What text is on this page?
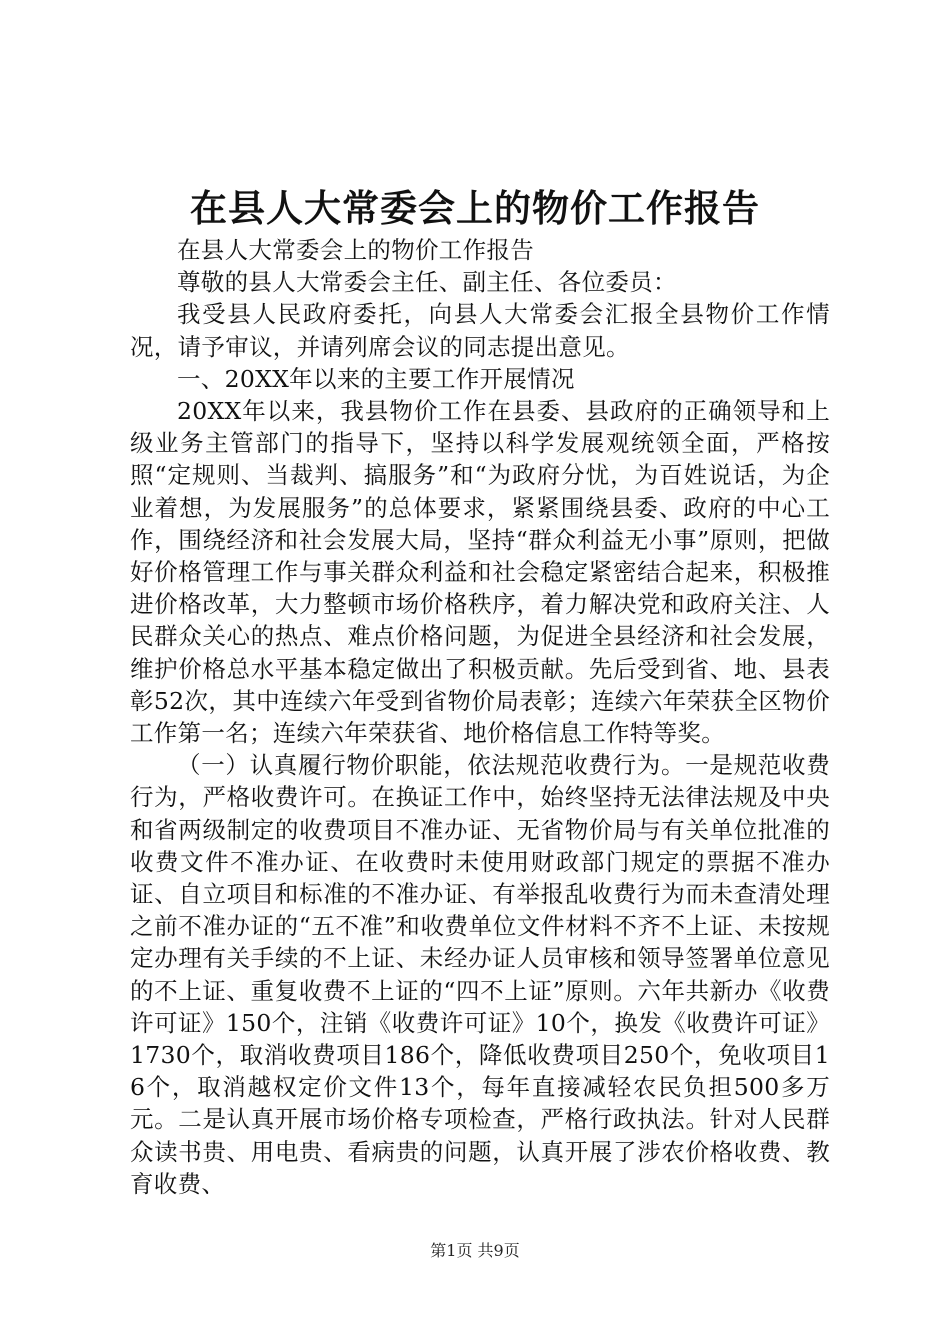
在县人大常委会上的物价工作报告

在县人大常委会上的物价工作报告

尊敬的县人大常委会主任、副主任、各位委员：

我受县人民政府委托，向县人大常委会汇报全县物价工作情况，请予审议，并请列席会议的同志提出意见。

一、20XX年以来的主要工作开展情况

20XX年以来，我县物价工作在县委、县政府的正确领导和上级业务主管部门的指导下，坚持以科学发展观统领全面，严格按照“定规则、当裁判、搞服务”和“为政府分忧，为百姓说话，为企业着想，为发展服务”的总体要求，紧紧围绕县委、政府的中心工作，围绕经济和社会发展大局，坚持“群众利益无小事”原则，把做好价格管理工作与事关群众利益和社会稳定紧密结合起来，积极推进价格改革，大力整顿市场价格秩序，着力解决党和政府关注、人民群众关心的热点、难点价格问题，为促进全县经济和社会发展，维护价格总水平基本稳定做出了积极贡献。先后受到省、地、县表彰52次，其中连续六年受到省物价局表彰；连续六年荣获全区物价工作第一名；连续六年荣获省、地价格信息工作特等奖。

（一）认真履行物价职能，依法规范收费行为。一是规范收费行为，严格收费许可。在换证工作中，始终坚持无法律法规及中央和省两级制定的收费项目不准办证、无省物价局与有关单位批准的收费文件不准办证、在收费时未使用财政部门规定的票据不准办证、自立项目和标准的不准办证、有举报乱收费行为而未查清处理之前不准办证的“五不准”和收费单位文件材料不齐不上证、未按规定办理有关手续的不上证、未经办证人员审核和领导签署单位意见的不上证、重复收费不上证的“四不上证”原则。六年共新办《收费许可证》150个，注销《收费许可证》10个，换发《收费许可证》1730个，取消收费项目186个，降低收费项目250个，免收项目16个，取消越权定价文件13个，每年直接减轻农民负担500多万元。二是认真开展市场价格专项检查，严格行政执法。针对人民群众读书贵、用电贵、看病贵的问题，认真开展了涉农价格收费、教育收费、

第1页 共9页
